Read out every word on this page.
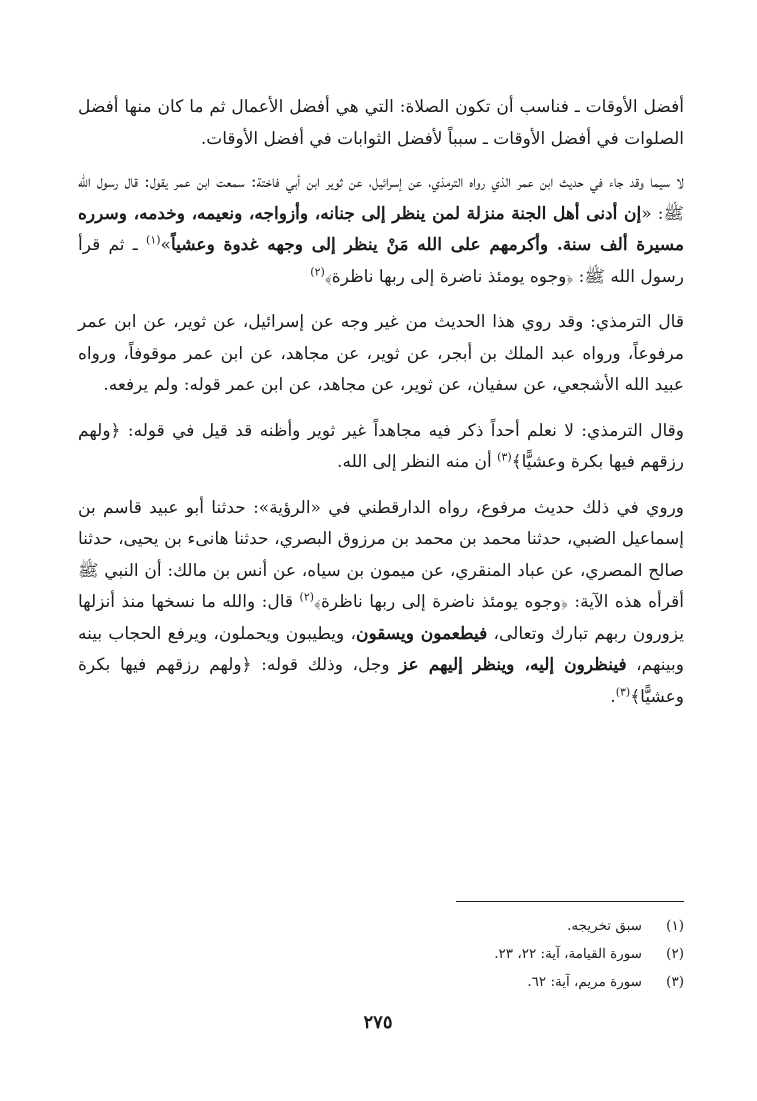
أفضل الأوقات ـ فناسب أن تكون الصلاة: التي هي أفضل الأعمال ثم ما كان منها أفضل الصلوات في أفضل الأوقات ـ سبباً لأفضل الثوابات في أفضل الأوقات.

لا سيما وقد جاء في حديث ابن عمر الذي رواه الترمذي، عن إسرائيل، عن ثوير ابن أبي فاختة: سمعت ابن عمر يقول: قال رسول الله ﷺ: «إن أدنى أهل الجنة منزلة لمن ينظر إلى جنانه، وأزواجه، ونعيمه، وخدمه، وسرره مسيرة ألف سنة. وأكرمهم على الله مَنْ ينظر إلى وجهه غدوة وعشياً»$^{(١)}$ ـ ثم قرأ رسول الله ﷺ: ﴿وجوه يومئذ ناضرة إلى ربها ناظرة﴾$^{(٢)}$

قال الترمذي: وقد روي هذا الحديث من غير وجه عن إسرائيل، عن ثوير، عن ابن عمر مرفوعاً، ورواه عبد الملك بن أبجر، عن ثوير، عن مجاهد، عن ابن عمر موقوفاً، ورواه عبيد الله الأشجعي، عن سفيان، عن ثوير، عن مجاهد، عن ابن عمر قوله: ولم يرفعه.

وقال الترمذي: لا نعلم أحداً ذكر فيه مجاهداً غير ثوير وأظنه قد قيل في قوله: ﴿ولهم رزقهم فيها بكرة وعشيًّا﴾$^{(٣)}$ أن منه النظر إلى الله.

وروي في ذلك حديث مرفوع، رواه الدارقطني في «الرؤية»: حدثنا أبو عبيد قاسم بن إسماعيل الضبي، حدثنا محمد بن محمد بن مرزوق البصري، حدثنا هانىء بن يحيى، حدثنا صالح المصري، عن عباد المنقري، عن ميمون بن سياه، عن أنس بن مالك: أن النبي ﷺ أقرأه هذه الآية: ﴿وجوه يومئذ ناضرة إلى ربها ناظرة﴾$^{(٢)}$ قال: والله ما نسخها منذ أنزلها يزورون ربهم تبارك وتعالى، فيطعمون ويسقون، ويطيبون ويحملون، ويرفع الحجاب بينه وبينهم، فينظرون إليه، وينظر إليهم عز وجل، وذلك قوله: ﴿ولهم رزقهم فيها بكرة وعشيًّا﴾$^{(٣)}$.

(١)سبق تخريجه.
(٢)سورة القيامة، آية: ٢٢، ٢٣.
(٣)سورة مريم، آية: ٦٢.
٢٧٥
